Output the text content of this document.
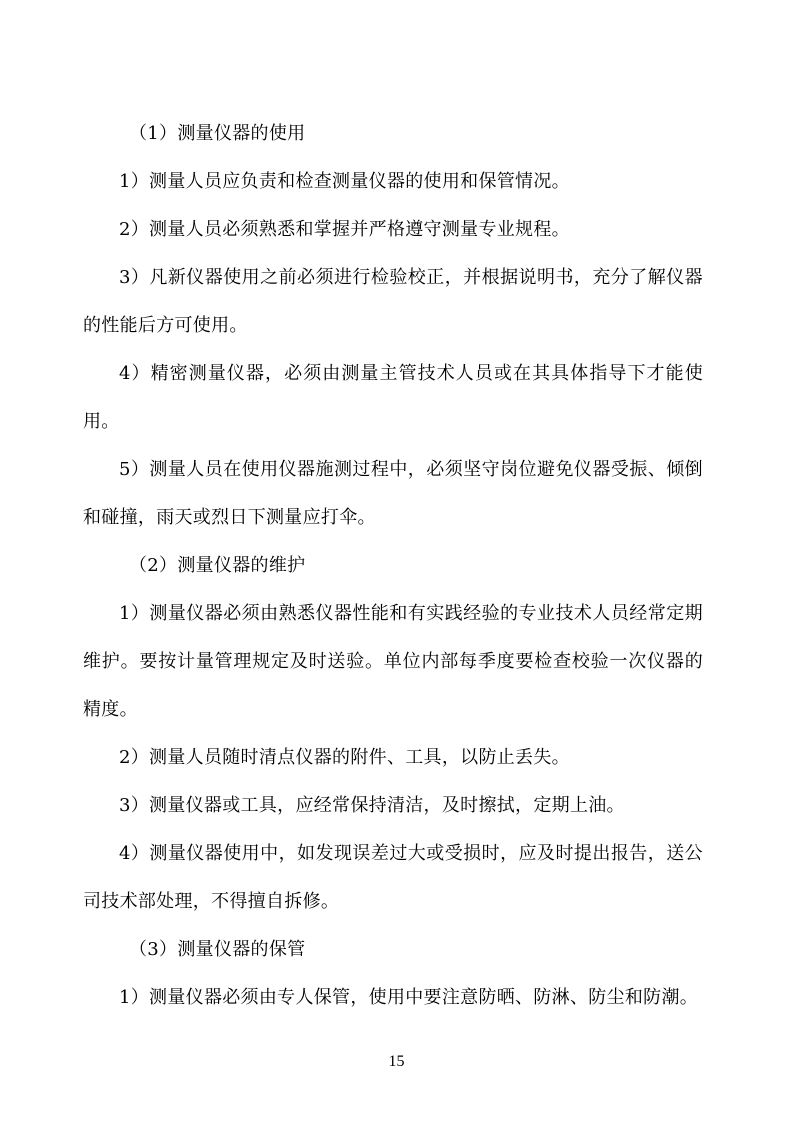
（1）测量仪器的使用

1）测量人员应负责和检查测量仪器的使用和保管情况。

2）测量人员必须熟悉和掌握并严格遵守测量专业规程。

3）凡新仪器使用之前必须进行检验校正，并根据说明书，充分了解仪器的性能后方可使用。

4）精密测量仪器，必须由测量主管技术人员或在其具体指导下才能使用。

5）测量人员在使用仪器施测过程中，必须坚守岗位避免仪器受振、倾倒和碰撞，雨天或烈日下测量应打伞。

（2）测量仪器的维护

1）测量仪器必须由熟悉仪器性能和有实践经验的专业技术人员经常定期维护。要按计量管理规定及时送验。单位内部每季度要检查校验一次仪器的精度。

2）测量人员随时清点仪器的附件、工具，以防止丢失。

3）测量仪器或工具，应经常保持清洁，及时擦拭，定期上油。

4）测量仪器使用中，如发现误差过大或受损时，应及时提出报告，送公司技术部处理，不得擅自拆修。

（3）测量仪器的保管

1）测量仪器必须由专人保管，使用中要注意防晒、防淋、防尘和防潮。

15
